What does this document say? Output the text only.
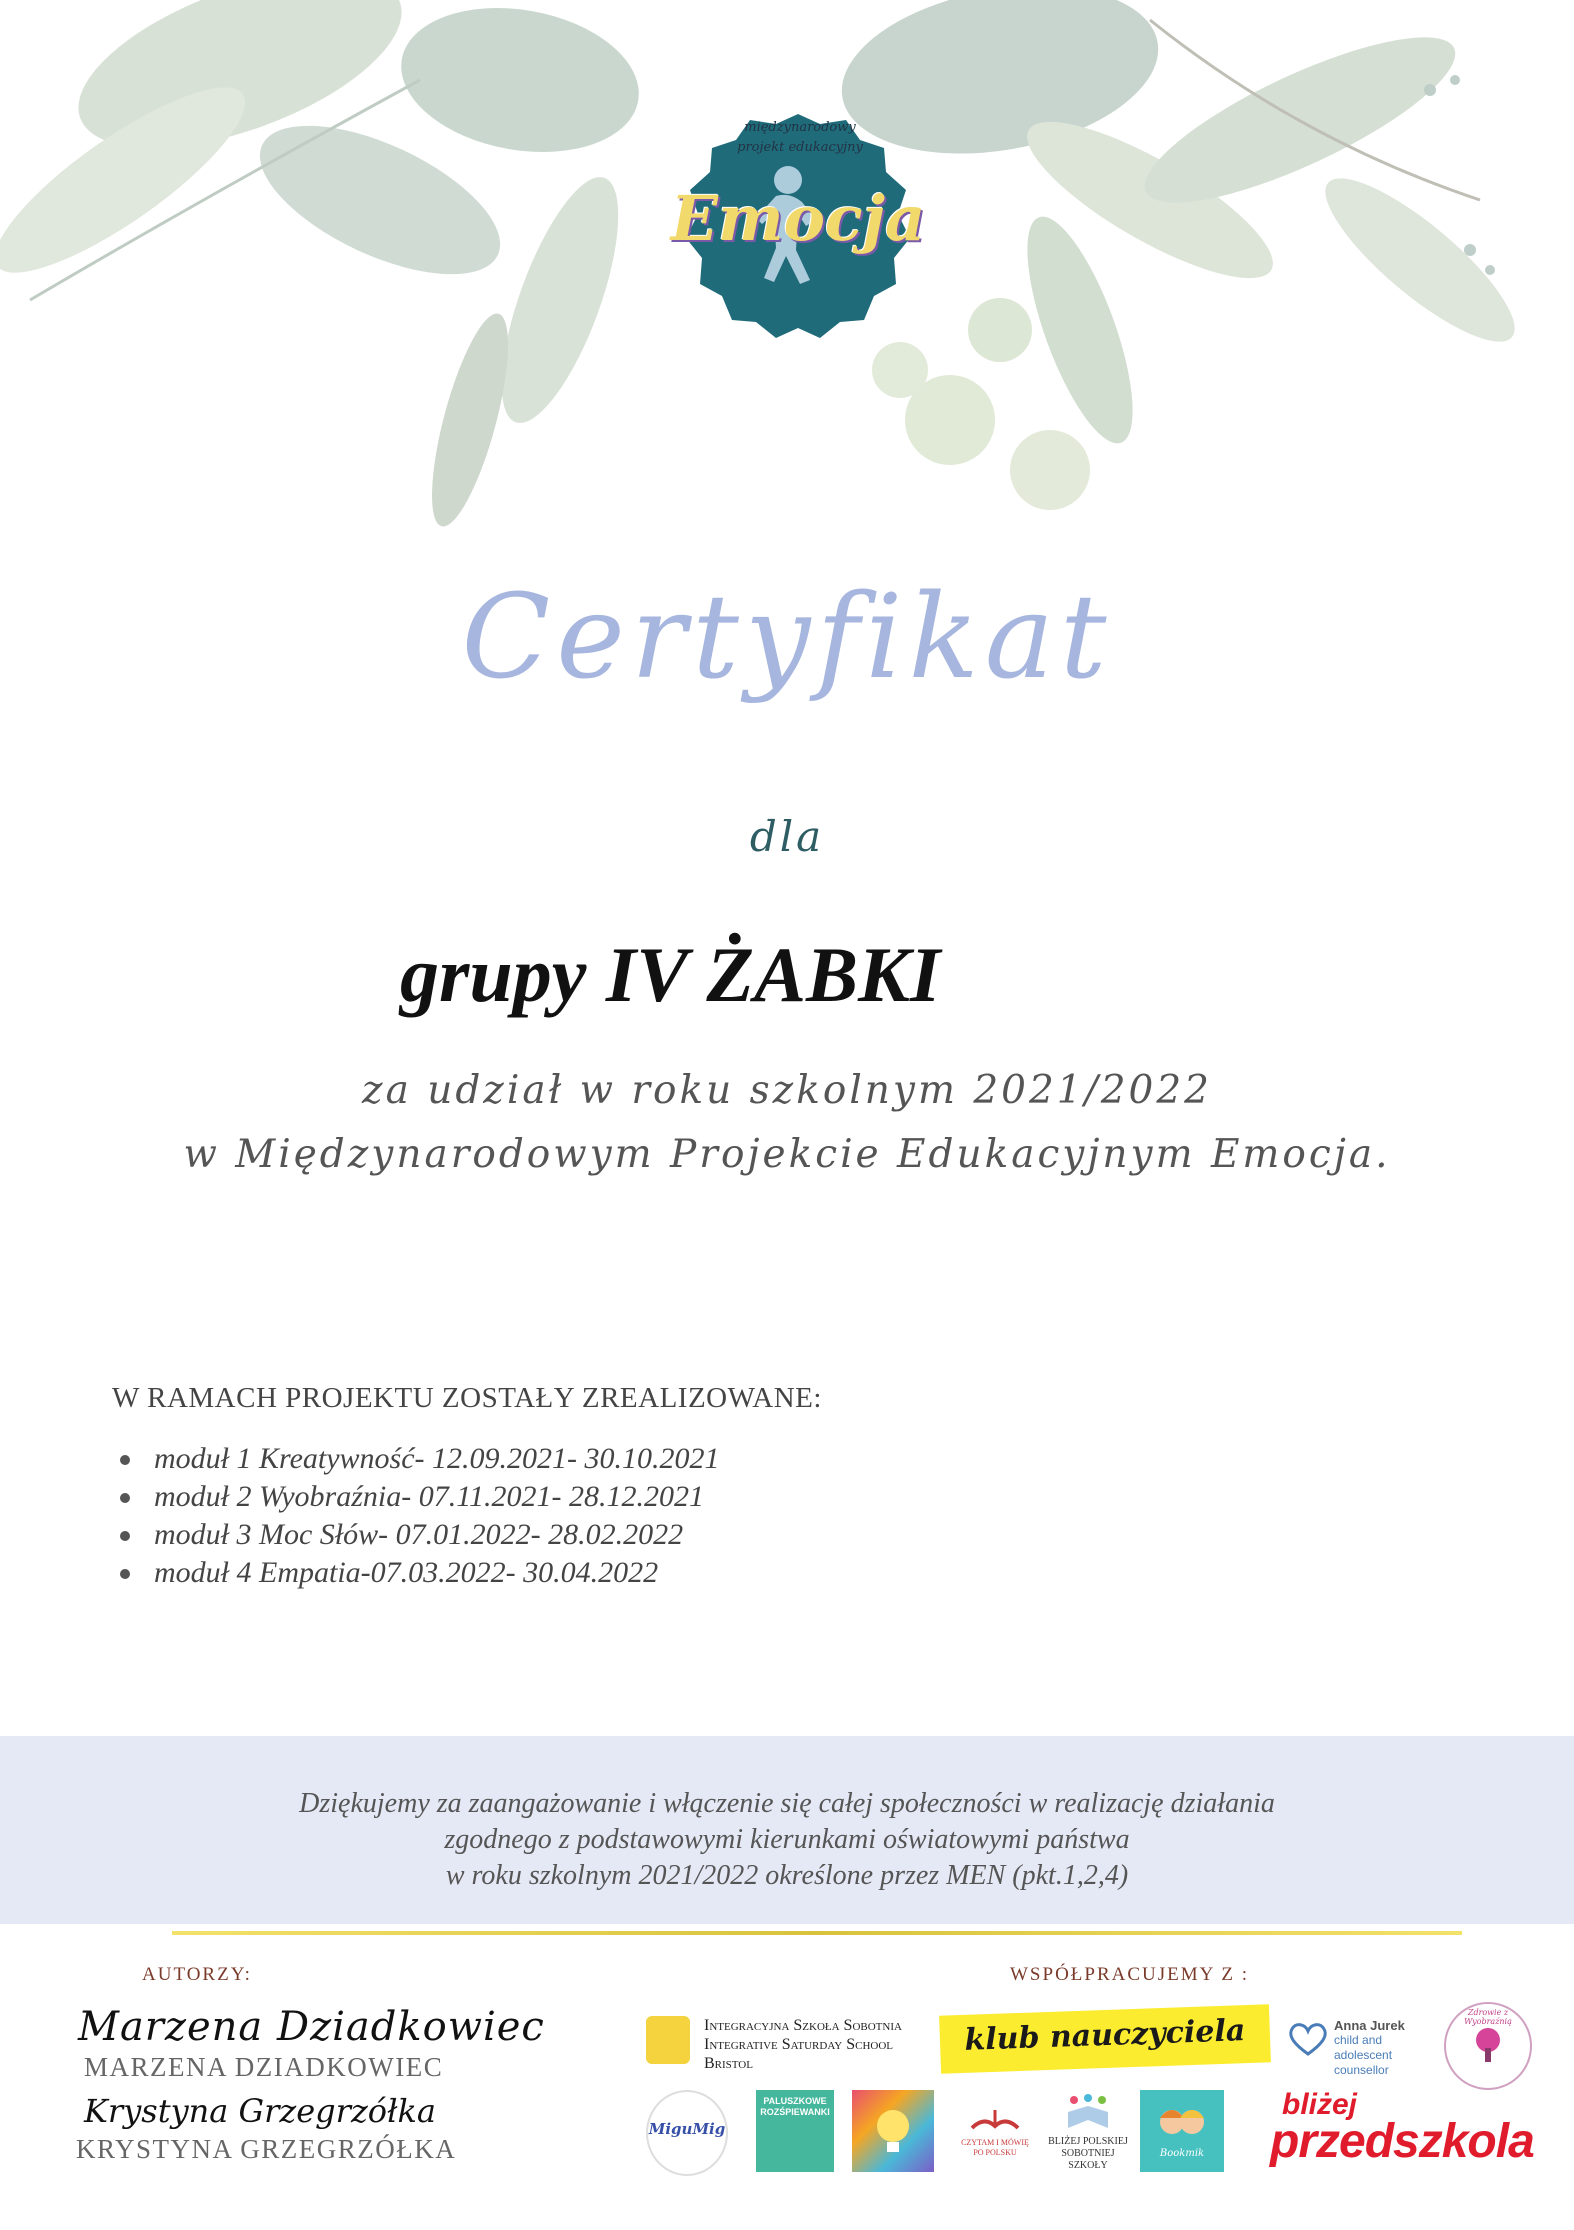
międzynarodowy
projekt edukacyjny
Emocja
Certyfikat
dla
grupy IV ŻABKI
za udział w roku szkolnym 2021/2022
w Międzynarodowym Projekcie Edukacyjnym Emocja.
W RAMACH PROJEKTU ZOSTAŁY ZREALIZOWANE:
moduł 1 Kreatywność- 12.09.2021- 30.10.2021
moduł 2 Wyobraźnia- 07.11.2021- 28.12.2021
moduł 3 Moc Słów- 07.01.2022- 28.02.2022
moduł 4 Empatia-07.03.2022- 30.04.2022
Dziękujemy za zaangażowanie i włączenie się całej społeczności w realizację działania
zgodnego z podstawowymi kierunkami oświatowymi państwa
w roku szkolnym 2021/2022 określone przez MEN (pkt.1,2,4)
AUTORZY:
Marzena Dziadkowiec
MARZENA DZIADKOWIEC
Krystyna Grzegrzółka
KRYSTYNA GRZEGRZÓŁKA
WSPÓŁPRACUJEMY Z :
Integracyjna Szkoła Sobotnia
Integrative Saturday School
Bristol
klub nauczyciela	Anna Jurek
child and adolescent
counsellor
Zdrowie z Wyobraźnią
MiguMig
PALUSZKOWE
ROZŚPIEWANKI
CZYTAM I MÓWIĘ PO POLSKU
BLIŻEJ POLSKIEJ
SOBOTNIEJ SZKOŁY
Bookmik
bliżej
przedszkola
